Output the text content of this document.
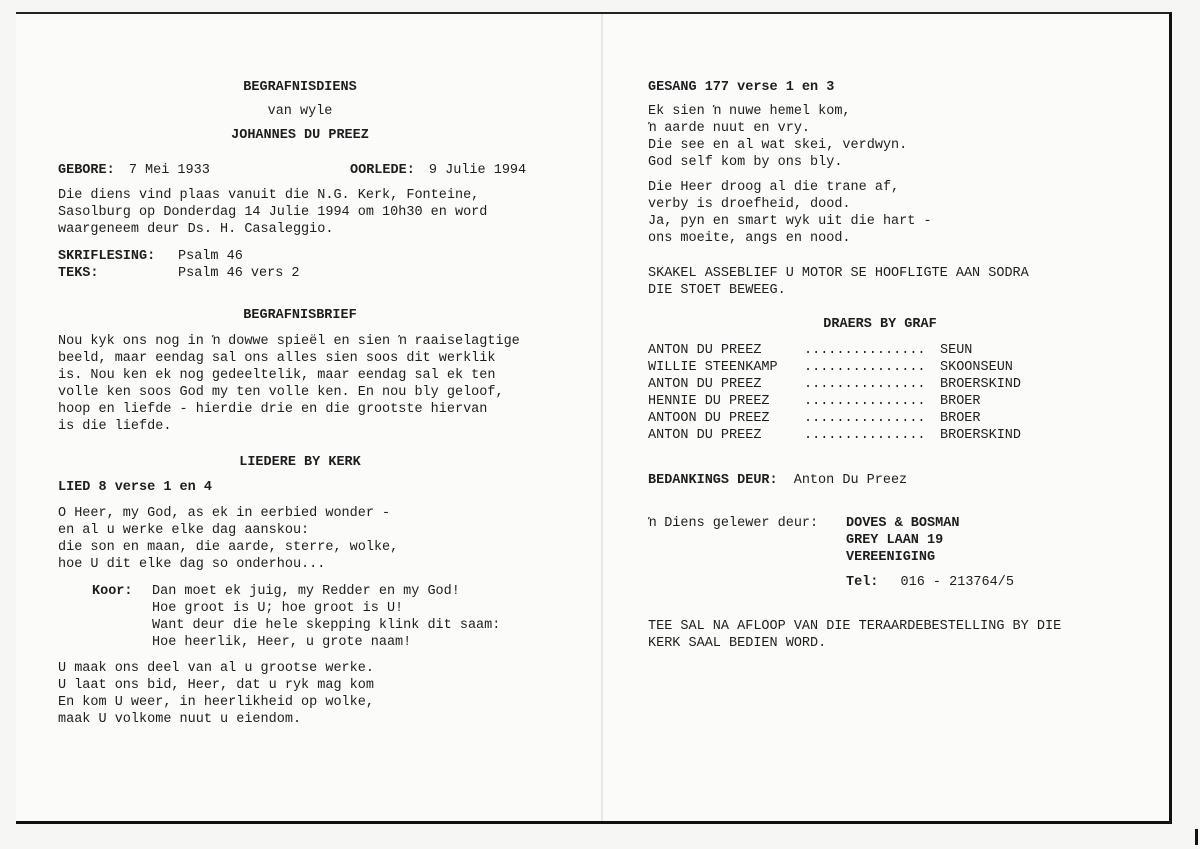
BEGRAFNISDIENS
van wyle
JOHANNES DU PREEZ
GEBORE: 7 Mei 1933	OORLEDE: 9 Julie 1994
Die diens vind plaas vanuit die N.G. Kerk, Fonteine,
Sasolburg op Donderdag 14 Julie 1994 om 10h30 en word
waargeneem deur Ds. H. Casaleggio.
SKRIFLESING: Psalm 46
TEKS:	Psalm 46 vers 2
BEGRAFNISBRIEF
Nou kyk ons nog in ŉ dowwe spieël en sien ŉ raaiselagtige
beeld, maar eendag sal ons alles sien soos dit werklik
is. Nou ken ek nog gedeeltelik, maar eendag sal ek ten
volle ken soos God my ten volle ken. En nou bly geloof,
hoop en liefde - hierdie drie en die grootste hiervan
is die liefde.
LIEDERE BY KERK
LIED 8 verse 1 en 4
O Heer, my God, as ek in eerbied wonder -
en al u werke elke dag aanskou:
die son en maan, die aarde, sterre, wolke,
hoe U dit elke dag so onderhou...
Koor: Dan moet ek juig, my Redder en my God!
Hoe groot is U; hoe groot is U!
Want deur die hele skepping klink dit saam:
Hoe heerlik, Heer, u grote naam!
U maak ons deel van al u grootse werke.
U laat ons bid, Heer, dat u ryk mag kom
En kom U weer, in heerlikheid op wolke,
maak U volkome nuut u eiendom.
GESANG 177 verse 1 en 3
Ek sien ŉ nuwe hemel kom,
ŉ aarde nuut en vry.
Die see en al wat skei, verdwyn.
God self kom by ons bly.
Die Heer droog al die trane af,
verby is droefheid, dood.
Ja, pyn en smart wyk uit die hart -
ons moeite, angs en nood.
SKAKEL ASSEBLIEF U MOTOR SE HOOFLIGTE AAN SODRA
DIE STOET BEWEEG.
DRAERS BY GRAF
ANTON DU PREEZ	............... SEUN
WILLIE STEENKAMP ............... SKOONSEUN
ANTON DU PREEZ	............... BROERSKIND
HENNIE DU PREEZ	............... BROER
ANTOON DU PREEZ	............... BROER
ANTON DU PREEZ	............... BROERSKIND
BEDANKINGS DEUR: Anton Du Preez
ŉ Diens gelewer deur: DOVES & BOSMAN
GREY LAAN 19
VEREENIGING
Tel: 016 - 213764/5
TEE SAL NA AFLOOP VAN DIE TERAARDEBESTELLING BY DIE
KERK SAAL BEDIEN WORD.
